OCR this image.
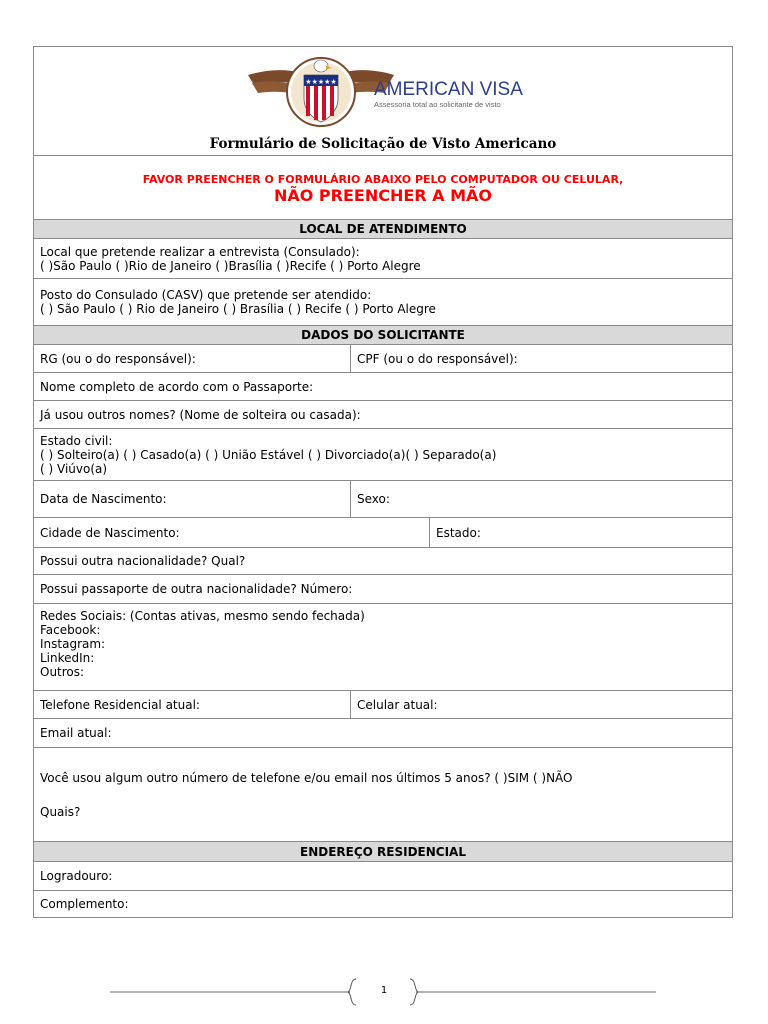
★★★★★ AMERICAN VISA
Assessoria total ao solicitante de visto
Formulário de Solicitação de Visto Americano
FAVOR PREENCHER O FORMULÁRIO ABAIXO PELO COMPUTADOR OU CELULAR,
NÃO PREENCHER A MÃO
LOCAL DE ATENDIMENTO
Local que pretende realizar a entrevista (Consulado):
( )São Paulo ( )Rio de Janeiro ( )Brasília ( )Recife ( ) Porto Alegre
Posto do Consulado (CASV) que pretende ser atendido:
( ) São Paulo ( ) Rio de Janeiro ( ) Brasília ( ) Recife ( ) Porto Alegre
DADOS DO SOLICITANTE
RG (ou o do responsável):	CPF (ou o do responsável):
Nome completo de acordo com o Passaporte:
Já usou outros nomes? (Nome de solteira ou casada):
Estado civil:
( ) Solteiro(a) ( ) Casado(a) ( ) União Estável ( ) Divorciado(a)( ) Separado(a)
( ) Viúvo(a)
Data de Nascimento:	Sexo:
Cidade de Nascimento:	Estado:
Possui outra nacionalidade? Qual?
Possui passaporte de outra nacionalidade? Número:
Redes Sociais: (Contas ativas, mesmo sendo fechada)
Facebook:
Instagram:
LinkedIn:
Outros:
Telefone Residencial atual:	Celular atual:
Email atual:
Você usou algum outro número de telefone e/ou email nos últimos 5 anos? ( )SIM ( )NÃO
Quais?
ENDEREÇO RESIDENCIAL
Logradouro:
Complemento:
1
